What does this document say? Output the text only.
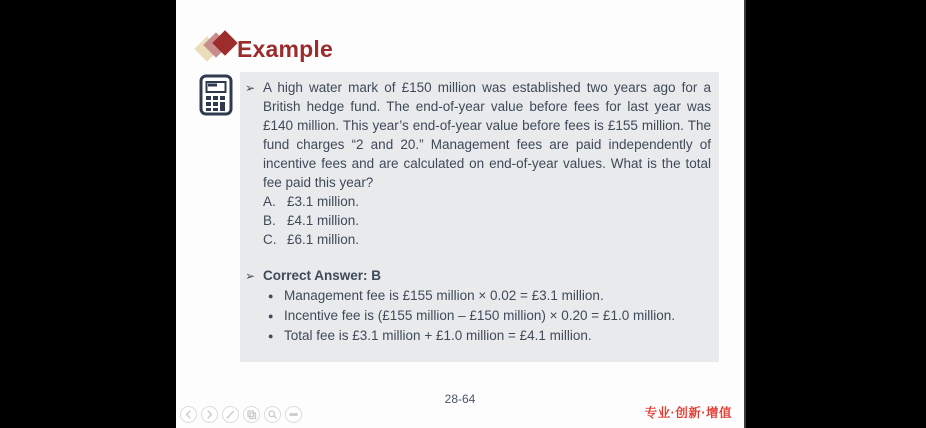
Example
➢ A high water mark of £150 million was established two years ago for a British hedge fund. The end-of-year value before fees for last year was £140 million. This year’s end-of-year value before fees is £155 million. The fund charges “2 and 20.” Management fees are paid independently of incentive fees and are calculated on end-of-year values. What is the total fee paid this year?
A. £3.1 million.
B. £4.1 million.
C. £6.1 million.
➢ Correct Answer: B
● Management fee is £155 million × 0.02 = £3.1 million.
● Incentive fee is (£155 million – £150 million) × 0.20 = £1.0 million.
● Total fee is £3.1 million + £1.0 million = £4.1 million.
28-64
专业·创新·增值
